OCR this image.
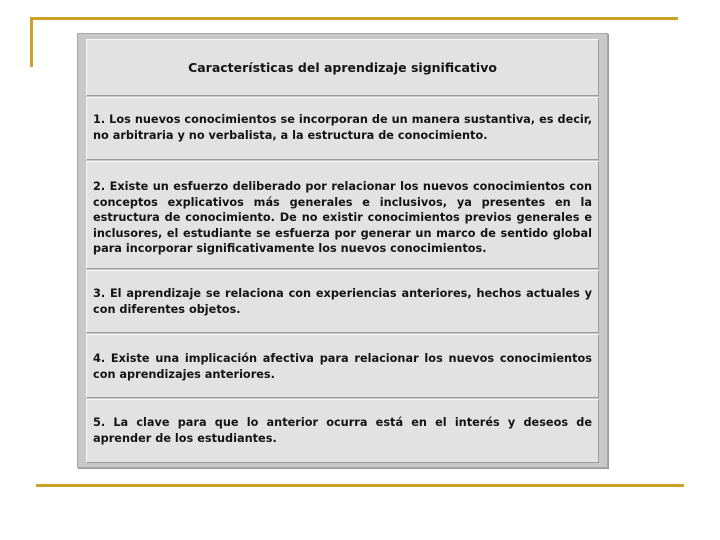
Características del aprendizaje significativo
1. Los nuevos conocimientos se incorporan de un manera sustantiva, es decir, no arbitraria y no verbalista, a la estructura de conocimiento.
2. Existe un esfuerzo deliberado por relacionar los nuevos conocimientos con conceptos explicativos más generales e inclusivos, ya presentes en la estructura de conocimiento. De no existir conocimientos previos generales e inclusores, el estudiante se esfuerza por generar un marco de sentido global para incorporar significativamente los nuevos conocimientos.
3. El aprendizaje se relaciona con experiencias anteriores, hechos actuales y con diferentes objetos.
4. Existe una implicación afectiva para relacionar los nuevos conocimientos con aprendizajes anteriores.
5. La clave para que lo anterior ocurra está en el interés y deseos de aprender de los estudiantes.
